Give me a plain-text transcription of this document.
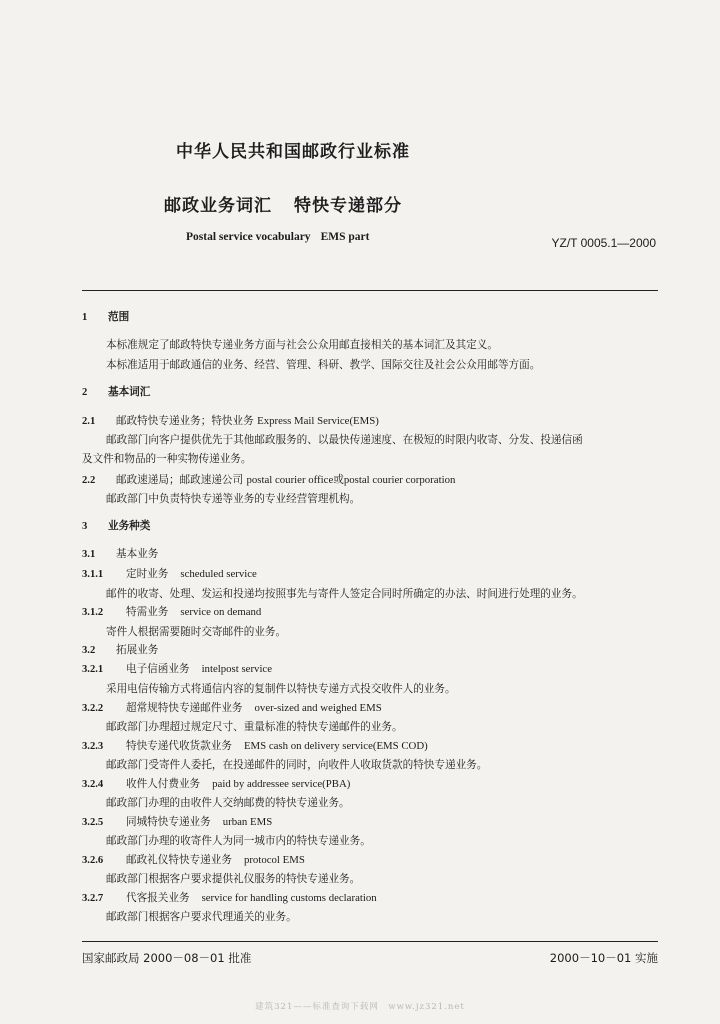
中华人民共和国邮政行业标准
邮政业务词汇 特快专递部分
Postal service vocabulary EMS part	YZ/T 0005.1—2000
1 范围
本标准规定了邮政特快专递业务方面与社会公众用邮直接相关的基本词汇及其定义。
本标准适用于邮政通信的业务、经营、管理、科研、教学、国际交往及社会公众用邮等方面。
2 基本词汇
2.1 邮政特快专递业务；特快业务 Express Mail Service(EMS)
邮政部门向客户提供优先于其他邮政服务的、以最快传递速度、在极短的时限内收寄、分发、投递信函
及文件和物品的一种实物传递业务。
2.2 邮政速递局；邮政速递公司 postal courier office或postal courier corporation
邮政部门中负责特快专递等业务的专业经营管理机构。
3 业务种类
3.1 基本业务
3.1.1 定时业务 scheduled service
邮件的收寄、处理、发运和投递均按照事先与寄件人签定合同时所确定的办法、时间进行处理的业务。
3.1.2 特需业务 service on demand
寄件人根据需要随时交寄邮件的业务。
3.2 拓展业务
3.2.1 电子信函业务 intelpost service
采用电信传输方式将通信内容的复制件以特快专递方式投交收件人的业务。
3.2.2 超常规特快专递邮件业务 over-sized and weighed EMS
邮政部门办理超过规定尺寸、重量标准的特快专递邮件的业务。
3.2.3 特快专递代收货款业务 EMS cash on delivery service(EMS COD)
邮政部门受寄件人委托，在投递邮件的同时，向收件人收取货款的特快专递业务。
3.2.4 收件人付费业务 paid by addressee service(PBA)
邮政部门办理的由收件人交纳邮费的特快专递业务。
3.2.5 同城特快专递业务 urban EMS
邮政部门办理的收寄件人为同一城市内的特快专递业务。
3.2.6 邮政礼仪特快专递业务 protocol EMS
邮政部门根据客户要求提供礼仪服务的特快专递业务。
3.2.7 代客报关业务 service for handling customs declaration
邮政部门根据客户要求代理通关的业务。
国家邮政局 2000－08－01 批准	2000－10－01 实施
建筑321——标准查询下载网　www.jz321.net
